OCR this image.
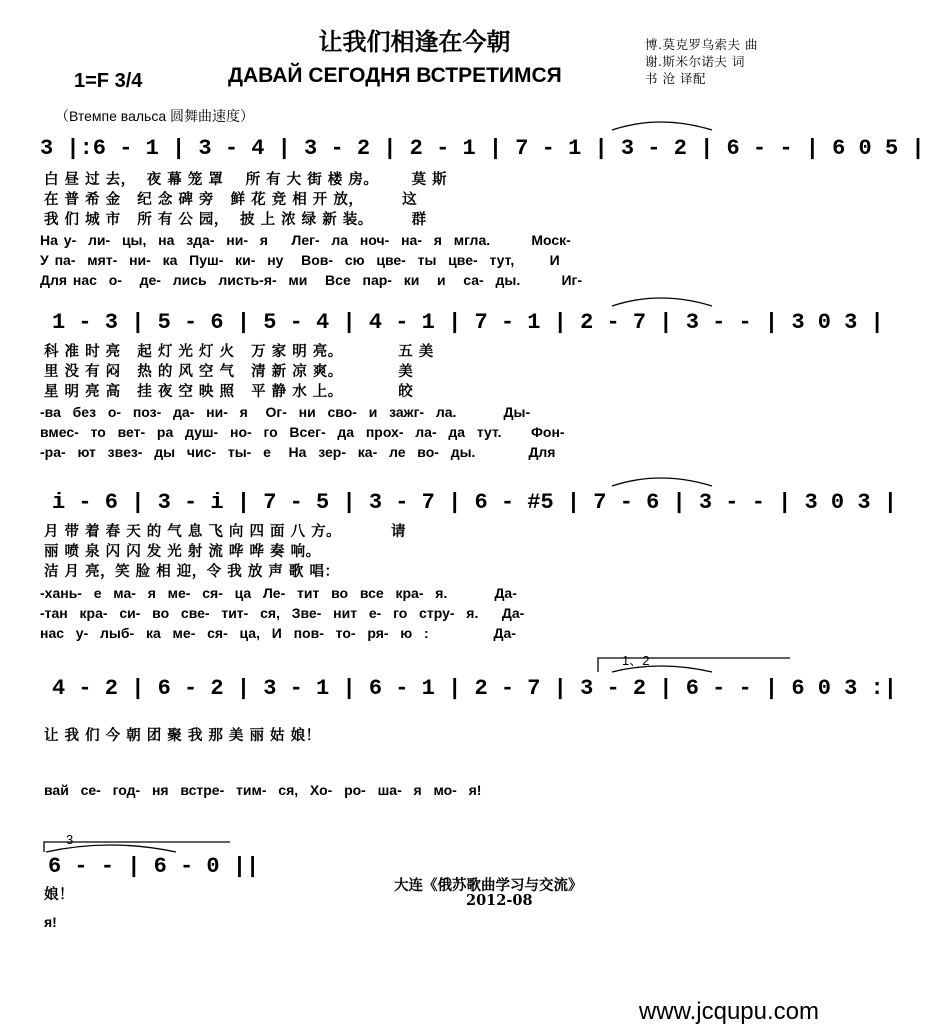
让我们相逢在今朝
ДАВАЙ СЕГОДНЯ ВСТРЕТИМСЯ
博.莫克罗乌索夫 曲
谢.斯米尔诺夫 词
书 沧 译配
1=F 3/4
（Втемпе вальса 圆舞曲速度）
3 |:6 - 1 | 3 - 4 | 3 - 2 | 2 - 1 | 7 - 1 | 3 - 2 | 6 - - | 6 0 5 |
白 昼 过 去，  夜 幕 笼 罩    所 有 大 街 楼 房。      莫 斯
在 普 希 金   纪 念 碑 旁   鲜 花 竞 相 开 放，       这
我 们 城 市   所 有 公 园，  披 上 浓 绿 新 装。       群
На у-  ли-  цы,  на  зда-  ни-  я    Лег-  ла  ноч-  на-  я  мгла.       Моск-
У па-  мят-  ни-  ка  Пуш-  ки-  ну   Вов-  сю  цве-  ты  цве-  тут,      И
Для нас  о-   де-  лись  листь-я-  ми   Все  пар-  ки   и   са-  ды.       Иг-
1 - 3 | 5 - 6 | 5 - 4 | 4 - 1 | 7 - 1 | 2 - 7 | 3 - - | 3 0 3 |
科 准 时 亮   起 灯 光 灯 火   万 家 明 亮。          五 美
里 没 有 闷   热 的 风 空 气   清 新 凉 爽。          美
星 明 亮 高   挂 夜 空 映 照   平 静 水 上。          皎
-ва  без  о-  поз-  да-  ни-  я   Ог-  ни  сво-  и  зажг-  ла.        Ды-
вмес-  то  вет-  ра  душ-  но-  го  Всег-  да  прох-  ла-  да  тут.     Фон-
-ра-  ют  звез-  ды  чис-  ты-  е   На  зер-  ка-  ле  во-  ды.         Для
i - 6 | 3 - i | 7 - 5 | 3 - 7 | 6 - #5 | 7 - 6 | 3 - - | 3 0 3 |
月 带 着 春 天 的 气 息 飞 向 四 面 八 方。         请
丽 喷 泉 闪 闪 发 光 射 流 哗 哗 奏 响。
洁 月 亮，笑 脸 相 迎，令 我 放 声 歌 唱：
-хань-  е  ма-  я  ме-  ся-  ца  Ле-  тит  во  все  кра-  я.        Да-
-тан  кра-  си-  во  све-  тит-  ся,  Зве-  нит  е-  го  стру-  я.    Да-
нас  у-  лыб-  ка  ме-  ся-  ца,  И  пов-  то-  ря-  ю  :           Да-
1、2
4 - 2 | 6 - 2 | 3 - 1 | 6 - 1 | 2 - 7 | 3 - 2 | 6 - - | 6 0 3 :|
让 我 们 今 朝 团 聚 我 那 美 丽 姑 娘！
вай  се-  год-  ня  встре-  тим-  ся,  Хо-  ро-  ша-  я  мо-  я!
3
6 - - | 6 - 0 ||
娘！
я!
大连《俄苏歌曲学习与交流》
2012-08
www.jcqupu.com
